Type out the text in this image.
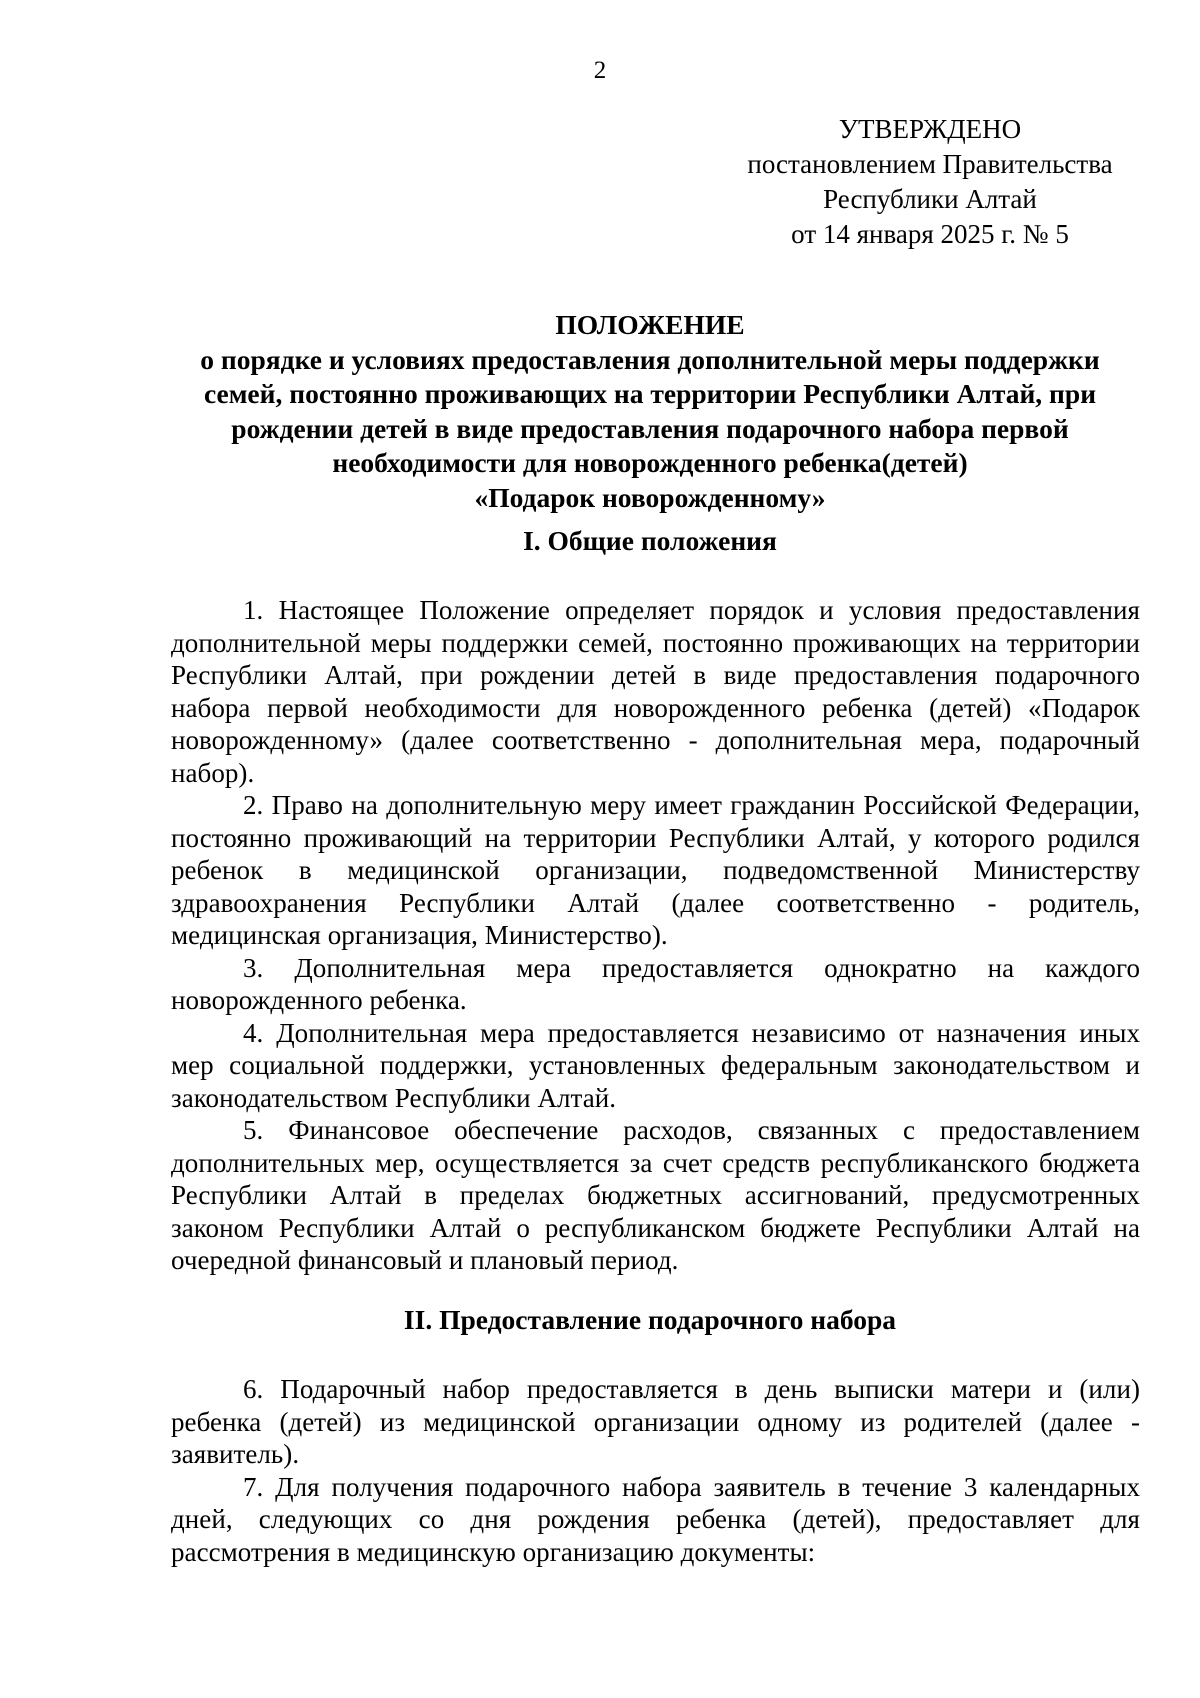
2
УТВЕРЖДЕНО
постановлением Правительства
Республики Алтай
от 14 января 2025 г. № 5
ПОЛОЖЕНИЕ
о порядке и условиях предоставления дополнительной меры поддержки
семей, постоянно проживающих на территории Республики Алтай, при
рождении детей в виде предоставления подарочного набора первой
необходимости для новорожденного ребенка(детей)
«Подарок новорожденному»
I. Общие положения

1. Настоящее Положение определяет порядок и условия предоставления дополнительной меры поддержки семей, постоянно проживающих на территории Республики Алтай, при рождении детей в виде предоставления подарочного набора первой необходимости для новорожденного ребенка (детей) «Подарок новорожденному» (далее соответственно - дополнительная мера, подарочный набор).

2. Право на дополнительную меру имеет гражданин Российской Федерации, постоянно проживающий на территории Республики Алтай, у которого родился ребенок в медицинской организации, подведомственной Министерству здравоохранения Республики Алтай (далее соответственно - родитель, медицинская организация, Министерство).

3. Дополнительная мера предоставляется однократно на каждого новорожденного ребенка.

4. Дополнительная мера предоставляется независимо от назначения иных мер социальной поддержки, установленных федеральным законодательством и законодательством Республики Алтай.

5. Финансовое обеспечение расходов, связанных с предоставлением дополнительных мер, осуществляется за счет средств республиканского бюджета Республики Алтай в пределах бюджетных ассигнований, предусмотренных законом Республики Алтай о республиканском бюджете Республики Алтай на очередной финансовый и плановый период.

II. Предоставление подарочного набора

6. Подарочный набор предоставляется в день выписки матери и (или) ребенка (детей) из медицинской организации одному из родителей (далее - заявитель).

7. Для получения подарочного набора заявитель в течение 3 календарных дней, следующих со дня рождения ребенка (детей), предоставляет для рассмотрения в медицинскую организацию документы:
